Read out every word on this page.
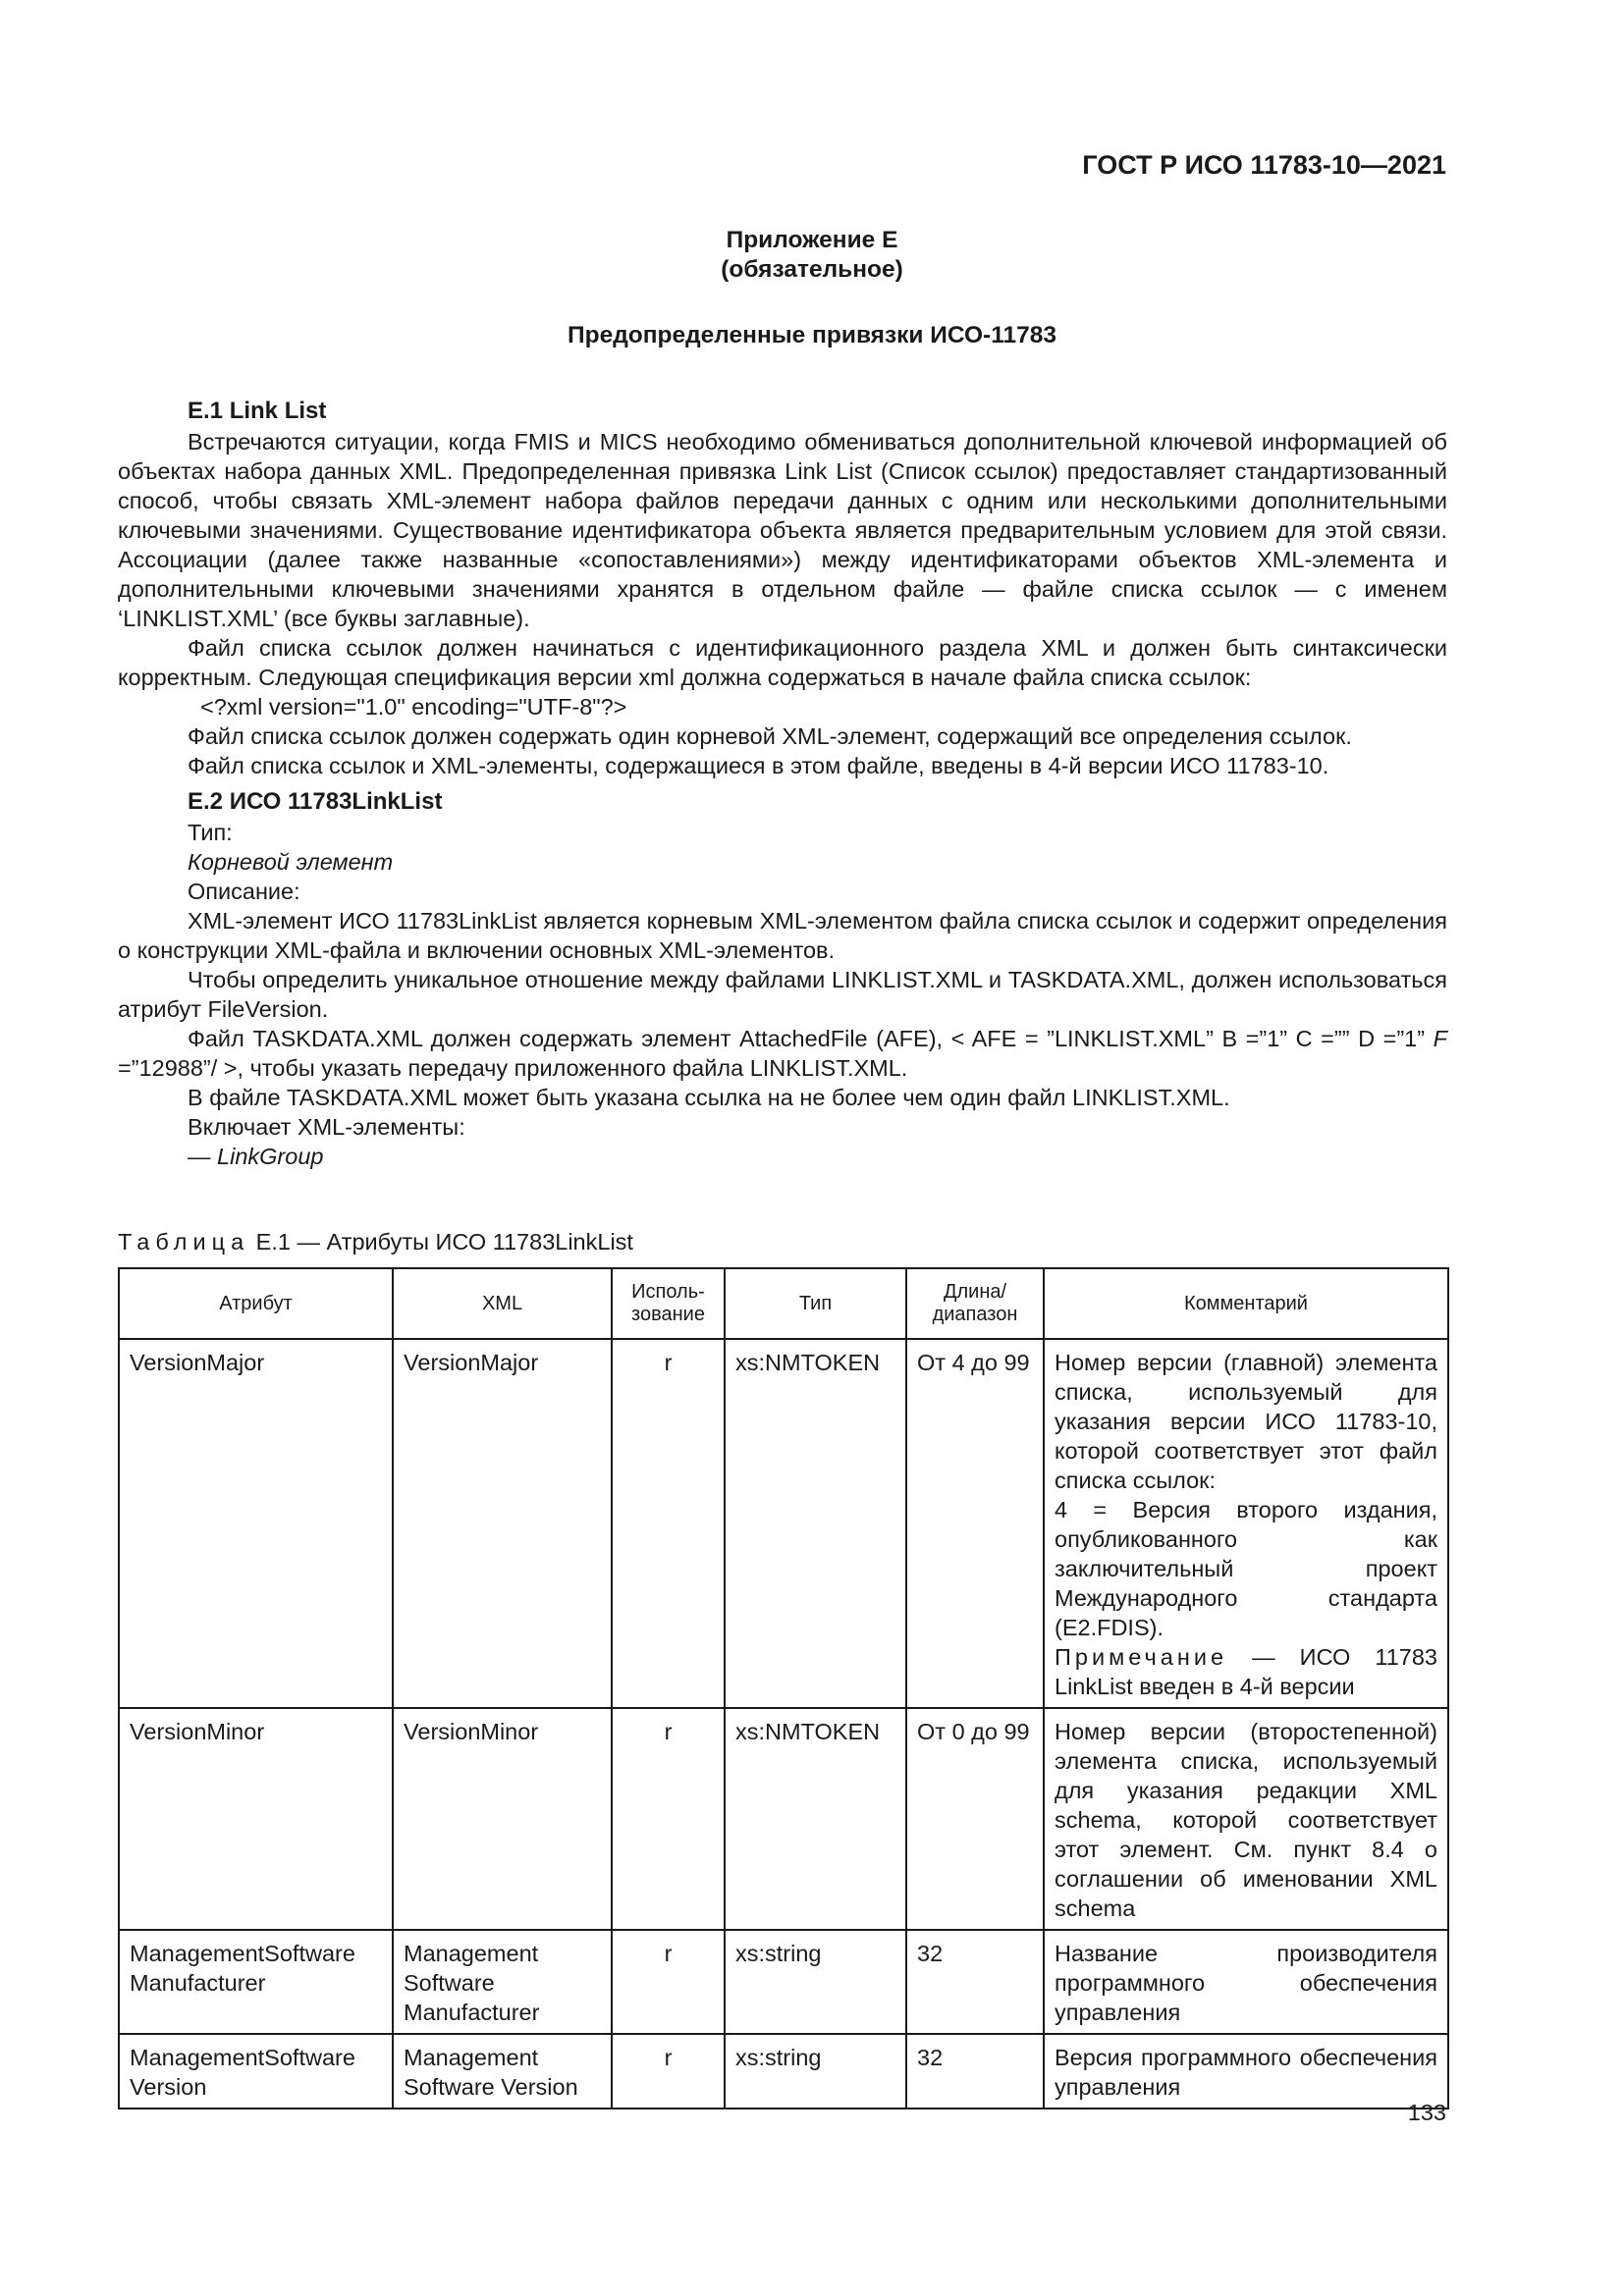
ГОСТ Р ИСО 11783-10—2021
Приложение Е
(обязательное)
Предопределенные привязки ИСО-11783
Е.1 Link List

Встречаются ситуации, когда FMIS и MICS необходимо обмениваться дополнительной ключевой информацией об объектах набора данных XML. Предопределенная привязка Link List (Список ссылок) предоставляет стандартизованный способ, чтобы связать XML-элемент набора файлов передачи данных с одним или несколькими дополнительными ключевыми значениями. Существование идентификатора объекта является предварительным условием для этой связи. Ассоциации (далее также названные «сопоставлениями») между идентификаторами объектов XML-элемента и дополнительными ключевыми значениями хранятся в отдельном файле — файле списка ссылок — с именем ‘LINKLIST.XML’ (все буквы заглавные).

Файл списка ссылок должен начинаться с идентификационного раздела XML и должен быть синтаксически корректным. Следующая спецификация версии xml должна содержаться в начале файла списка ссылок:

<?xml version="1.0" encoding="UTF-8"?>

Файл списка ссылок должен содержать один корневой XML-элемент, содержащий все определения ссылок.

Файл списка ссылок и XML-элементы, содержащиеся в этом файле, введены в 4-й версии ИСО 11783-10.

Е.2 ИСО 11783LinkList

Тип:

Корневой элемент

Описание:

XML-элемент ИСО 11783LinkList является корневым XML-элементом файла списка ссылок и содержит определения о конструкции XML-файла и включении основных XML-элементов.

Чтобы определить уникальное отношение между файлами LINKLIST.XML и TASKDATA.XML, должен использоваться атрибут FileVersion.

Файл TASKDATA.XML должен содержать элемент AttachedFile (AFE), < AFE = ”LINKLIST.XML” B =”1” C =”” D =”1” F =”12988”/ >, чтобы указать передачу приложенного файла LINKLIST.XML.

В файле TASKDATA.XML может быть указана ссылка на не более чем один файл LINKLIST.XML.

Включает XML-элементы:

— LinkGroup

Таблица Е.1 — Атрибуты ИСО 11783LinkList
Атрибут	XML	Исполь-зование	Тип	Длина/ диапазон	Комментарий
VersionMajor	VersionMajor	r	xs:NMTOKEN	От 4 до 99	Номер версии (главной) элемента списка, используемый для указания версии ИСО 11783-10, которой соответствует этот файл списка ссылок:
4 = Версия второго издания, опубликованного как заключительный проект Международного стандарта (E2.FDIS).
Примечание — ИСО 11783 LinkList введен в 4-й версии

VersionMinor	VersionMinor	r	xs:NMTOKEN	От 0 до 99	Номер версии (второстепенной) элемента списка, используемый для указания редакции XML schema, которой соответствует этот элемент. См. пункт 8.4 о соглашении об именовании XML schema
ManagementSoftware Manufacturer	Management Software Manufacturer	r	xs:string	32	Название производителя программного обеспечения управления
ManagementSoftware Version	Management Software Version	r	xs:string	32	Версия программного обеспечения управления
133
